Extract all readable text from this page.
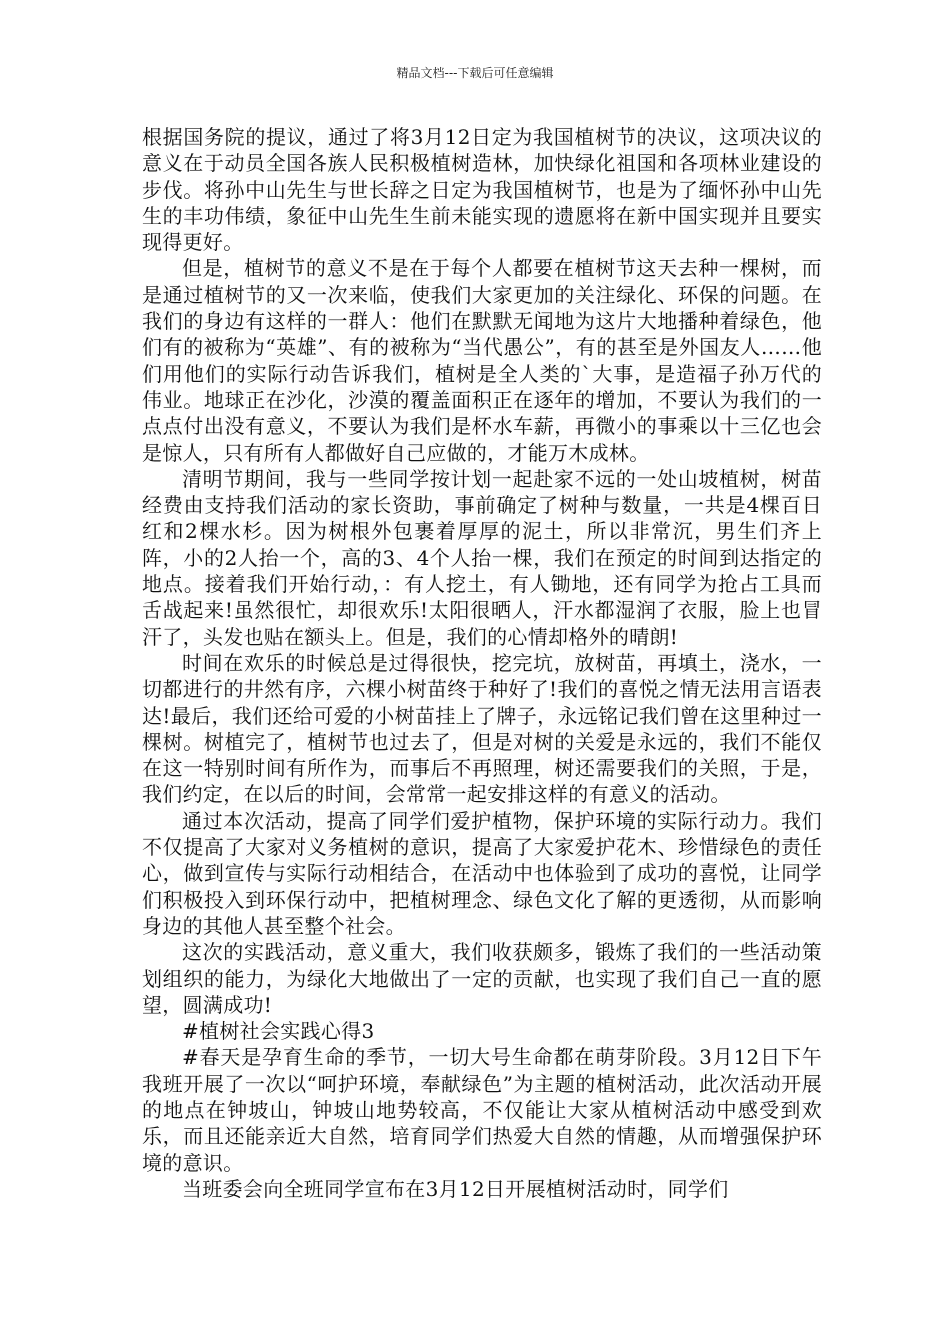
精品文档---下载后可任意编辑

根据国务院的提议，通过了将3月12日定为我国植树节的决议，这项决议的意义在于动员全国各族人民积极植树造林，加快绿化祖国和各项林业建设的步伐。将孙中山先生与世长辞之日定为我国植树节，也是为了缅怀孙中山先生的丰功伟绩，象征中山先生生前未能实现的遗愿将在新中国实现并且要实现得更好。

但是，植树节的意义不是在于每个人都要在植树节这天去种一棵树，而是通过植树节的又一次来临，使我们大家更加的关注绿化、环保的问题。在我们的身边有这样的一群人：他们在默默无闻地为这片大地播种着绿色，他们有的被称为“英雄”、有的被称为“当代愚公”，有的甚至是外国友人……他们用他们的实际行动告诉我们，植树是全人类的`大事，是造福子孙万代的伟业。地球正在沙化，沙漠的覆盖面积正在逐年的增加，不要认为我们的一点点付出没有意义，不要认为我们是杯水车薪，再微小的事乘以十三亿也会是惊人，只有所有人都做好自己应做的，才能万木成林。

清明节期间，我与一些同学按计划一起赴家不远的一处山坡植树，树苗经费由支持我们活动的家长资助，事前确定了树种与数量，一共是4棵百日红和2棵水杉。因为树根外包裹着厚厚的泥土，所以非常沉，男生们齐上阵，小的2人抬一个，高的3、4个人抬一棵，我们在预定的时间到达指定的地点。接着我们开始行动，：有人挖土，有人锄地，还有同学为抢占工具而舌战起来!虽然很忙，却很欢乐!太阳很晒人，汗水都湿润了衣服，脸上也冒汗了，头发也贴在额头上。但是，我们的心情却格外的晴朗!

时间在欢乐的时候总是过得很快，挖完坑，放树苗，再填土，浇水，一切都进行的井然有序，六棵小树苗终于种好了!我们的喜悦之情无法用言语表达!最后，我们还给可爱的小树苗挂上了牌子，永远铭记我们曾在这里种过一棵树。树植完了，植树节也过去了，但是对树的关爱是永远的，我们不能仅在这一特别时间有所作为，而事后不再照理，树还需要我们的关照，于是，我们约定，在以后的时间，会常常一起安排这样的有意义的活动。

通过本次活动，提高了同学们爱护植物，保护环境的实际行动力。我们不仅提高了大家对义务植树的意识，提高了大家爱护花木、珍惜绿色的责任心，做到宣传与实际行动相结合，在活动中也体验到了成功的喜悦，让同学们积极投入到环保行动中，把植树理念、绿色文化了解的更透彻，从而影响身边的其他人甚至整个社会。

这次的实践活动，意义重大，我们收获颇多，锻炼了我们的一些活动策划组织的能力，为绿化大地做出了一定的贡献，也实现了我们自己一直的愿望，圆满成功!

#植树社会实践心得3

#春天是孕育生命的季节，一切大号生命都在萌芽阶段。3月12日下午我班开展了一次以“呵护环境，奉献绿色”为主题的植树活动，此次活动开展的地点在钟坡山，钟坡山地势较高，不仅能让大家从植树活动中感受到欢乐，而且还能亲近大自然，培育同学们热爱大自然的情趣，从而增强保护环境的意识。

当班委会向全班同学宣布在3月12日开展植树活动时，同学们
